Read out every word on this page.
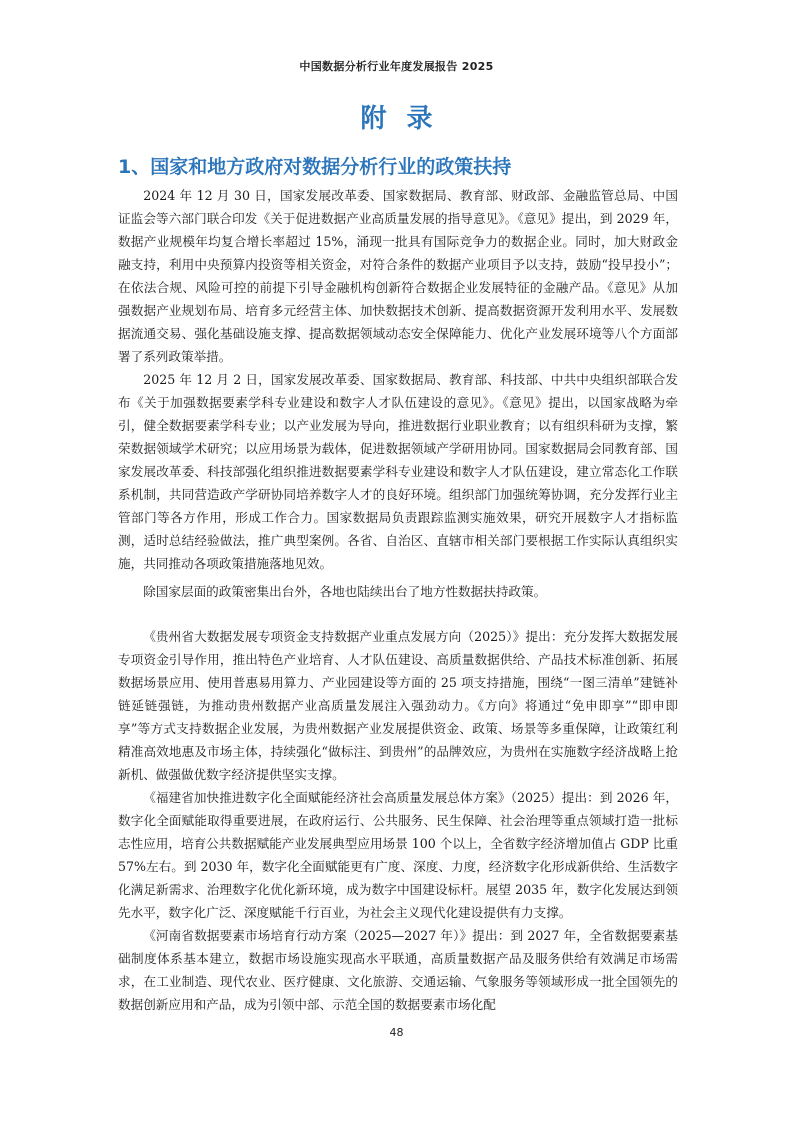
中国数据分析行业年度发展报告 2025
附录
1、国家和地方政府对数据分析行业的政策扶持

2024 年 12 月 30 日，国家发展改革委、国家数据局、教育部、财政部、金融监管总局、中国证监会等六部门联合印发《关于促进数据产业高质量发展的指导意见》。《意见》提出，到 2029 年，数据产业规模年均复合增长率超过 15%，涌现一批具有国际竞争力的数据企业。同时，加大财政金融支持，利用中央预算内投资等相关资金，对符合条件的数据产业项目予以支持，鼓励“投早投小”；在依法合规、风险可控的前提下引导金融机构创新符合数据企业发展特征的金融产品。《意见》从加强数据产业规划布局、培育多元经营主体、加快数据技术创新、提高数据资源开发利用水平、发展数据流通交易、强化基础设施支撑、提高数据领域动态安全保障能力、优化产业发展环境等八个方面部署了系列政策举措。

2025 年 12 月 2 日，国家发展改革委、国家数据局、教育部、科技部、中共中央组织部联合发布《关于加强数据要素学科专业建设和数字人才队伍建设的意见》。《意见》提出，以国家战略为牵引，健全数据要素学科专业；以产业发展为导向，推进数据行业职业教育；以有组织科研为支撑，繁荣数据领域学术研究；以应用场景为载体，促进数据领域产学研用协同。国家数据局会同教育部、国家发展改革委、科技部强化组织推进数据要素学科专业建设和数字人才队伍建设，建立常态化工作联系机制，共同营造政产学研协同培养数字人才的良好环境。组织部门加强统筹协调，充分发挥行业主管部门等各方作用，形成工作合力。国家数据局负责跟踪监测实施效果，研究开展数字人才指标监测，适时总结经验做法，推广典型案例。各省、自治区、直辖市相关部门要根据工作实际认真组织实施，共同推动各项政策措施落地见效。

除国家层面的政策密集出台外，各地也陆续出台了地方性数据扶持政策。

《贵州省大数据发展专项资金支持数据产业重点发展方向（2025）》提出：充分发挥大数据发展专项资金引导作用，推出特色产业培育、人才队伍建设、高质量数据供给、产品技术标准创新、拓展数据场景应用、使用普惠易用算力、产业园建设等方面的 25 项支持措施，围绕“一图三清单”建链补链延链强链，为推动贵州数据产业高质量发展注入强劲动力。《方向》将通过“免申即享”“即申即享”等方式支持数据企业发展，为贵州数据产业发展提供资金、政策、场景等多重保障，让政策红利精准高效地惠及市场主体，持续强化“做标注、到贵州”的品牌效应，为贵州在实施数字经济战略上抢新机、做强做优数字经济提供坚实支撑。

《福建省加快推进数字化全面赋能经济社会高质量发展总体方案》（2025）提出：到 2026 年，数字化全面赋能取得重要进展，在政府运行、公共服务、民生保障、社会治理等重点领域打造一批标志性应用，培育公共数据赋能产业发展典型应用场景 100 个以上，全省数字经济增加值占 GDP 比重 57%左右。到 2030 年，数字化全面赋能更有广度、深度、力度，经济数字化形成新供给、生活数字化满足新需求、治理数字化优化新环境，成为数字中国建设标杆。展望 2035 年，数字化发展达到领先水平，数字化广泛、深度赋能千行百业，为社会主义现代化建设提供有力支撑。

《河南省数据要素市场培育行动方案（2025—2027 年）》提出：到 2027 年，全省数据要素基础制度体系基本建立，数据市场设施实现高水平联通，高质量数据产品及服务供给有效满足市场需求，在工业制造、现代农业、医疗健康、文化旅游、交通运输、气象服务等领域形成一批全国领先的数据创新应用和产品，成为引领中部、示范全国的数据要素市场化配

48
